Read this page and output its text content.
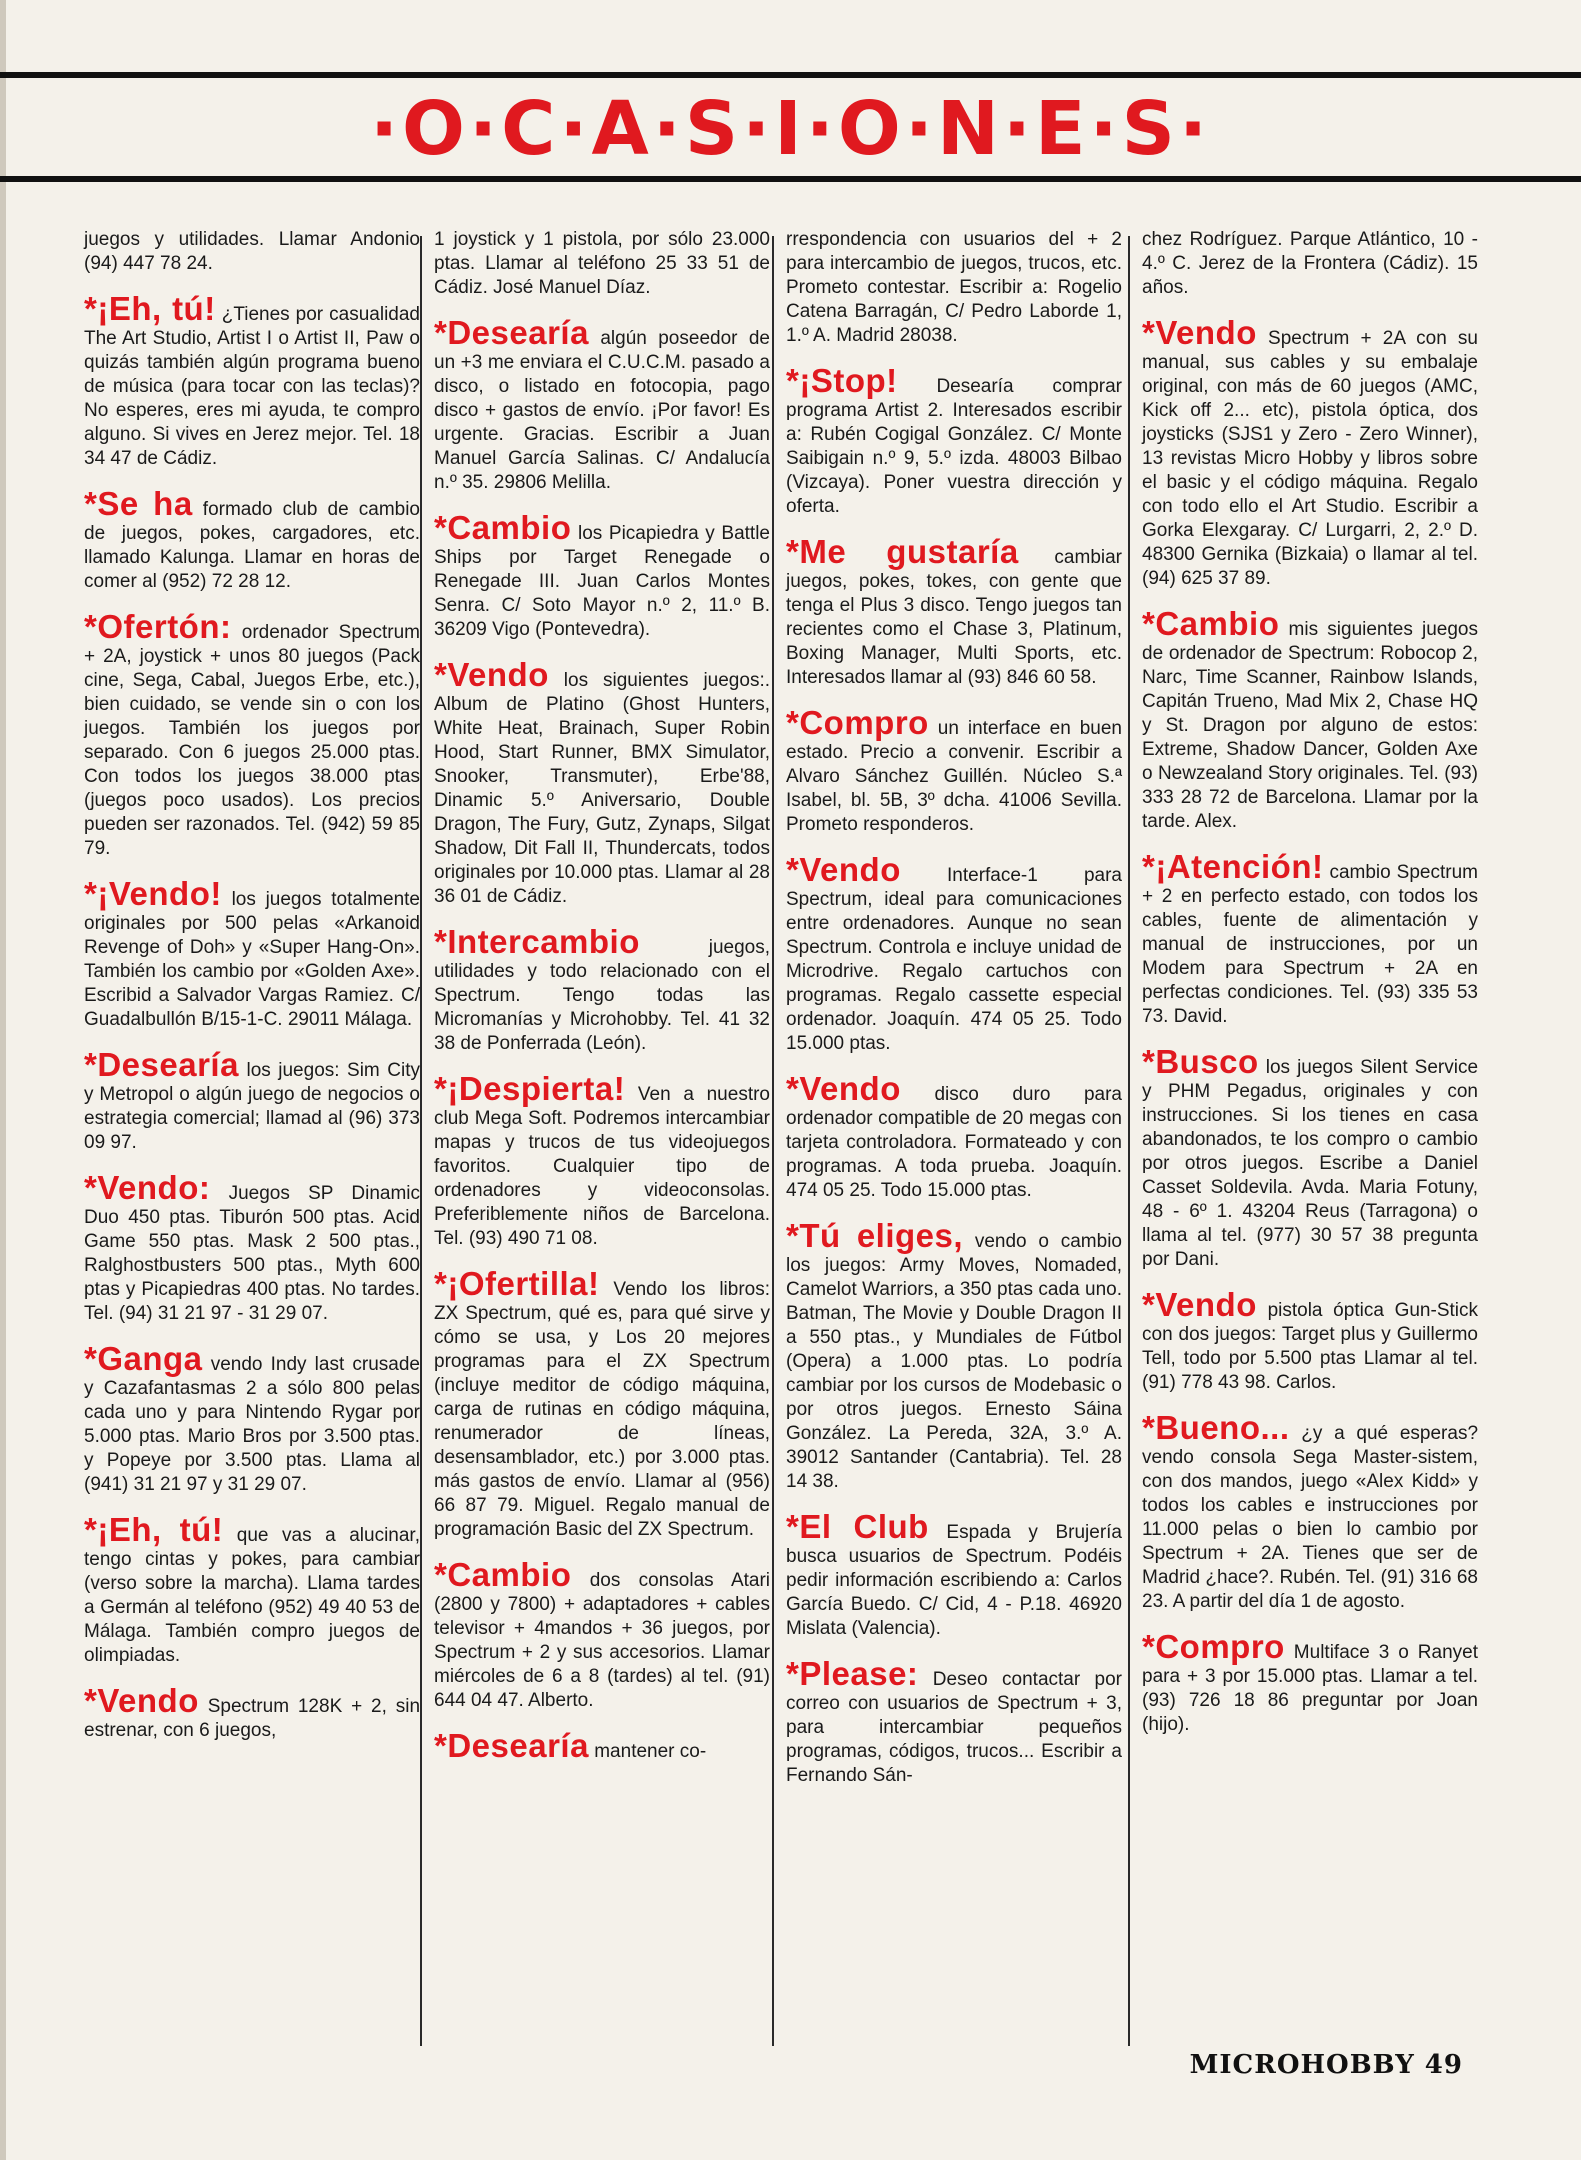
·O·C·A·S·I·O·N·E·S·

juegos y utilidades. Llamar Andonio (94) 447 78 24.

*¡Eh, tú! ¿Tienes por casualidad The Art Studio, Artist I o Artist II, Paw o quizás también algún programa bueno de música (para tocar con las teclas)? No esperes, eres mi ayuda, te compro alguno. Si vives en Jerez mejor. Tel. 18 34 47 de Cádiz.

*Se ha formado club de cambio de juegos, pokes, cargadores, etc. llamado Kalunga. Llamar en horas de comer al (952) 72 28 12.

*Ofertón: ordenador Spectrum + 2A, joystick + unos 80 juegos (Pack cine, Sega, Cabal, Juegos Erbe, etc.), bien cuidado, se vende sin o con los juegos. También los juegos por separado. Con 6 juegos 25.000 ptas. Con todos los juegos 38.000 ptas (juegos poco usados). Los precios pueden ser razonados. Tel. (942) 59 85 79.

*¡Vendo! los juegos totalmente originales por 500 pelas «Arkanoid Revenge of Doh» y «Super Hang-On». También los cambio por «Golden Axe». Escribid a Salvador Vargas Ramiez. C/ Guadalbullón B/15-1-C. 29011 Málaga.

*Desearía los juegos: Sim City y Metropol o algún juego de negocios o estrategia comercial; llamad al (96) 373 09 97.

*Vendo: Juegos SP Dinamic Duo 450 ptas. Tiburón 500 ptas. Acid Game 550 ptas. Mask 2 500 ptas., Ralghostbusters 500 ptas., Myth 600 ptas y Picapiedras 400 ptas. No tardes. Tel. (94) 31 21 97 - 31 29 07.

*Ganga vendo Indy last crusade y Cazafantasmas 2 a sólo 800 pelas cada uno y para Nintendo Rygar por 5.000 ptas. Mario Bros por 3.500 ptas. y Popeye por 3.500 ptas. Llama al (941) 31 21 97 y 31 29 07.

*¡Eh, tú! que vas a alucinar, tengo cintas y pokes, para cambiar (verso sobre la marcha). Llama tardes a Germán al teléfono (952) 49 40 53 de Málaga. También compro juegos de olimpiadas.

*Vendo Spectrum 128K + 2, sin estrenar, con 6 juegos,

1 joystick y 1 pistola, por sólo 23.000 ptas. Llamar al teléfono 25 33 51 de Cádiz. José Manuel Díaz.

*Desearía algún poseedor de un +3 me enviara el C.U.C.M. pasado a disco, o listado en fotocopia, pago disco + gastos de envío. ¡Por favor! Es urgente. Gracias. Escribir a Juan Manuel García Salinas. C/ Andalucía n.º 35. 29806 Melilla.

*Cambio los Picapiedra y Battle Ships por Target Renegade o Renegade III. Juan Carlos Montes Senra. C/ Soto Mayor n.º 2, 11.º B. 36209 Vigo (Pontevedra).

*Vendo los siguientes juegos:. Album de Platino (Ghost Hunters, White Heat, Brainach, Super Robin Hood, Start Runner, BMX Simulator, Snooker, Transmuter), Erbe'88, Dinamic 5.º Aniversario, Double Dragon, The Fury, Gutz, Zynaps, Silgat Shadow, Dit Fall II, Thundercats, todos originales por 10.000 ptas. Llamar al 28 36 01 de Cádiz.

*Intercambio	juegos, utilidades y todo relacionado con el Spectrum. Tengo todas las Micromanías y Microhobby. Tel. 41 32 38 de Ponferrada (León).

*¡Despierta! Ven a nuestro club Mega Soft. Podremos intercambiar mapas y trucos de tus videojuegos favoritos. Cualquier tipo de ordenadores y videoconsolas. Preferiblemente niños de Barcelona. Tel. (93) 490 71 08.

*¡Ofertilla! Vendo los libros: ZX Spectrum, qué es, para qué sirve y cómo se usa, y Los 20 mejores programas para el ZX Spectrum (incluye meditor de código máquina, carga de rutinas en código máquina, renumerador de líneas, desensamblador, etc.) por 3.000 ptas. más gastos de envío. Llamar al (956) 66 87 79. Miguel. Regalo manual de programación Basic del ZX Spectrum.

*Cambio dos consolas Atari (2800 y 7800) + adaptadores + cables televisor + 4mandos + 36 juegos, por Spectrum + 2 y sus accesorios. Llamar miércoles de 6 a 8 (tardes) al tel. (91) 644 04 47. Alberto.

*Desearía mantener co-

rrespondencia con usuarios del + 2 para intercambio de juegos, trucos, etc. Prometo contestar. Escribir a: Rogelio Catena Barragán, C/ Pedro Laborde 1, 1.º A. Madrid 28038.

*¡Stop! Desearía comprar programa Artist 2. Interesados escribir a: Rubén Cogigal González. C/ Monte Saibigain n.º 9, 5.º izda. 48003 Bilbao (Vizcaya). Poner vuestra dirección y oferta.

*Me gustaría cambiar juegos, pokes, tokes, con gente que tenga el Plus 3 disco. Tengo juegos tan recientes como el Chase 3, Platinum, Boxing Manager, Multi Sports, etc. Interesados llamar al (93) 846 60 58.

*Compro un interface en buen estado. Precio a convenir. Escribir a Alvaro Sánchez Guillén. Núcleo S.ª Isabel, bl. 5B, 3º dcha. 41006 Sevilla. Prometo responderos.

*Vendo Interface-1 para Spectrum, ideal para comunicaciones entre ordenadores. Aunque no sean Spectrum. Controla e incluye unidad de Microdrive. Regalo cartuchos con programas. Regalo cassette especial ordenador. Joaquín. 474 05 25. Todo 15.000 ptas.

*Vendo disco duro para ordenador compatible de 20 megas con tarjeta controladora. Formateado y con programas. A toda prueba. Joaquín. 474 05 25. Todo 15.000 ptas.

*Tú eliges, vendo o cambio los juegos: Army Moves, Nomaded, Camelot Warriors, a 350 ptas cada uno. Batman, The Movie y Double Dragon II a 550 ptas., y Mundiales de Fútbol (Opera) a 1.000 ptas. Lo podría cambiar por los cursos de Modebasic o por otros juegos. Ernesto Sáina González. La Pereda, 32A, 3.º A. 39012 Santander (Cantabria). Tel. 28 14 38.

*El Club Espada y Brujería busca usuarios de Spectrum. Podéis pedir información escribiendo a: Carlos García Buedo. C/ Cid, 4 - P.18. 46920 Mislata (Valencia).

*Please: Deseo contactar por correo con usuarios de Spectrum + 3, para intercambiar pequeños programas, códigos, trucos... Escribir a Fernando Sán-

chez Rodríguez. Parque Atlántico, 10 - 4.º C. Jerez de la Frontera (Cádiz). 15 años.

*Vendo Spectrum + 2A con su manual, sus cables y su embalaje original, con más de 60 juegos (AMC, Kick off 2... etc), pistola óptica, dos joysticks (SJS1 y Zero - Zero Winner), 13 revistas Micro Hobby y libros sobre el basic y el código máquina. Regalo con todo ello el Art Studio. Escribir a Gorka Elexgaray. C/ Lurgarri, 2, 2.º D. 48300 Gernika (Bizkaia) o llamar al tel. (94) 625 37 89.

*Cambio mis siguientes juegos de ordenador de Spectrum: Robocop 2, Narc, Time Scanner, Rainbow Islands, Capitán Trueno, Mad Mix 2, Chase HQ y St. Dragon por alguno de estos: Extreme, Shadow Dancer, Golden Axe o Newzealand Story originales. Tel. (93) 333 28 72 de Barcelona. Llamar por la tarde. Alex.

*¡Atención! cambio Spectrum + 2 en perfecto estado, con todos los cables, fuente de alimentación y manual de instrucciones, por un Modem para Spectrum + 2A en perfectas condiciones. Tel. (93) 335 53 73. David.

*Busco los juegos Silent Service y PHM Pegadus, originales y con instrucciones. Si los tienes en casa abandonados, te los compro o cambio por otros juegos. Escribe a Daniel Casset Soldevila. Avda. Maria Fotuny, 48 - 6º 1. 43204 Reus (Tarragona) o llama al tel. (977) 30 57 38 pregunta por Dani.

*Vendo pistola óptica Gun-Stick con dos juegos: Target plus y Guillermo Tell, todo por 5.500 ptas Llamar al tel. (91) 778 43 98. Carlos.

*Bueno... ¿y a qué esperas? vendo consola Sega Master-sistem, con dos mandos, juego «Alex Kidd» y todos los cables e instrucciones por 11.000 pelas o bien lo cambio por Spectrum + 2A. Tienes que ser de Madrid ¿hace?. Rubén. Tel. (91) 316 68 23. A partir del día 1 de agosto.

*Compro Multiface 3 o Ranyet para + 3 por 15.000 ptas. Llamar a tel. (93) 726 18 86 preguntar por Joan (hijo).

MICROHOBBY 49
